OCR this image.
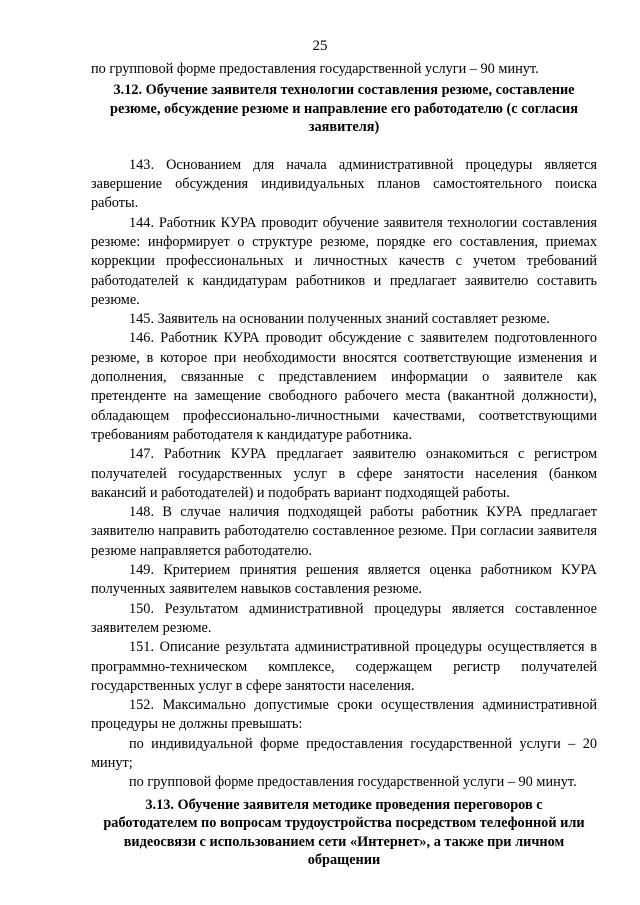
25

по групповой форме предоставления государственной услуги – 90 минут.

3.12. Обучение заявителя технологии составления резюме, составление резюме, обсуждение резюме и направление его работодателю (с согласия заявителя)

143. Основанием для начала административной процедуры является завершение обсуждения индивидуальных планов самостоятельного поиска работы.

144. Работник КУРА проводит обучение заявителя технологии составления резюме: информирует о структуре резюме, порядке его составления, приемах коррекции профессиональных и личностных качеств с учетом требований работодателей к кандидатурам работников и предлагает заявителю составить резюме.

145. Заявитель на основании полученных знаний составляет резюме.

146. Работник КУРА проводит обсуждение с заявителем подготовленного резюме, в которое при необходимости вносятся соответствующие изменения и дополнения, связанные с представлением информации о заявителе как претенденте на замещение свободного рабочего места (вакантной должности), обладающем профессионально-личностными качествами, соответствующими требованиям работодателя к кандидатуре работника.

147. Работник КУРА предлагает заявителю ознакомиться с регистром получателей государственных услуг в сфере занятости населения (банком вакансий и работодателей) и подобрать вариант подходящей работы.

148. В случае наличия подходящей работы работник КУРА предлагает заявителю направить работодателю составленное резюме. При согласии заявителя резюме направляется работодателю.

149. Критерием принятия решения является оценка работником КУРА полученных заявителем навыков составления резюме.

150. Результатом административной процедуры является составленное заявителем резюме.

151. Описание результата административной процедуры осуществляется в программно-техническом комплексе, содержащем регистр получателей государственных услуг в сфере занятости населения.

152. Максимально допустимые сроки осуществления административной процедуры не должны превышать:

по индивидуальной форме предоставления государственной услуги – 20 минут;

по групповой форме предоставления государственной услуги – 90 минут.

3.13. Обучение заявителя методике проведения переговоров с работодателем по вопросам трудоустройства посредством телефонной или видеосвязи с использованием сети «Интернет», а также при личном обращении
